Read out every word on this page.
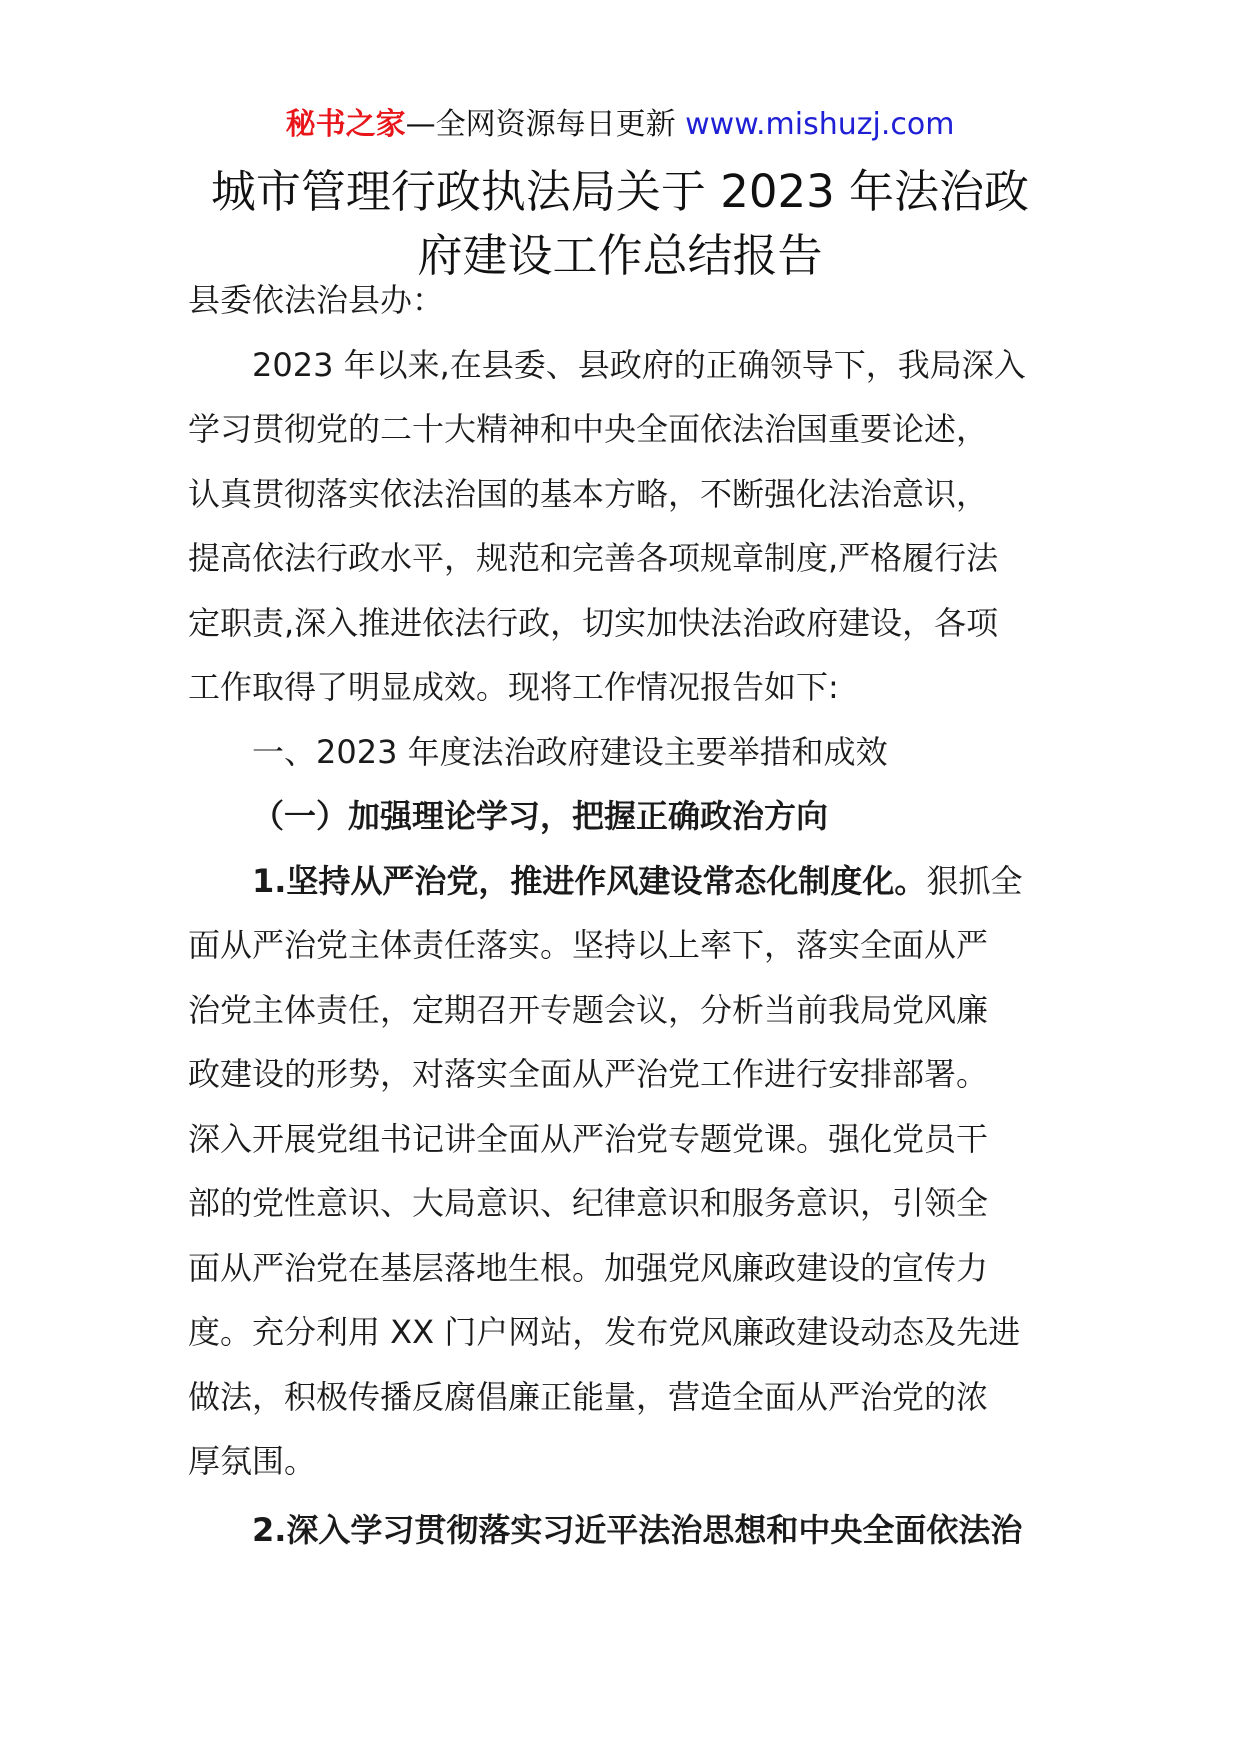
秘书之家—全网资源每日更新 www.mishuzj.com
城市管理行政执法局关于 2023 年法治政
府建设工作总结报告
县委依法治县办：
2023 年以来,在县委、县政府的正确领导下，我局深入
学习贯彻党的二十大精神和中央全面依法治国重要论述，
认真贯彻落实依法治国的基本方略，不断强化法治意识，
提高依法行政水平，规范和完善各项规章制度,严格履行法
定职责,深入推进依法行政，切实加快法治政府建设，各项
工作取得了明显成效。现将工作情况报告如下:
一、2023 年度法治政府建设主要举措和成效
（一）加强理论学习，把握正确政治方向
1.坚持从严治党，推进作风建设常态化制度化。狠抓全
面从严治党主体责任落实。坚持以上率下，落实全面从严
治党主体责任，定期召开专题会议，分析当前我局党风廉
政建设的形势，对落实全面从严治党工作进行安排部署。
深入开展党组书记讲全面从严治党专题党课。强化党员干
部的党性意识、大局意识、纪律意识和服务意识，引领全
面从严治党在基层落地生根。加强党风廉政建设的宣传力
度。充分利用 XX 门户网站，发布党风廉政建设动态及先进
做法，积极传播反腐倡廉正能量，营造全面从严治党的浓
厚氛围。
2.深入学习贯彻落实习近平法治思想和中央全面依法治
